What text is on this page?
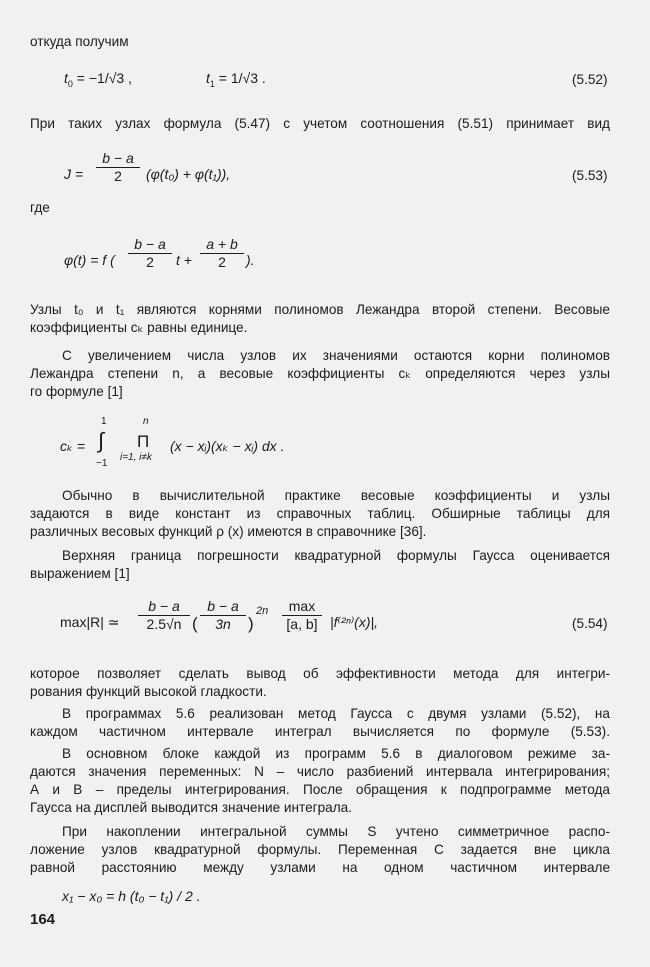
откуда получим
$t_0 = -1/√3$ ,	$t_1 = 1/√3$ .	(5.52)
При таких узлах формула (5.47) с учетом соотношения (5.51) принимает вид
J =
b − a
2	(φ(t₀) + φ(t₁)),	(5.53)
где
φ(t) = f (
b − a
2	t +
a + b
2	).
Узлы t₀ и t₁ являются корнями полиномов Лежандра второй степени. Весовые
коэффициенты cₖ равны единице.
С увеличением числа узлов их значениями остаются корни полиномов
Лежандра степени n, а весовые коэффициенты cₖ определяются через узлы
го формуле [1]
cₖ =
1
∫
−1
n
Π
i=1, i≠k
(x − xᵢ)(xₖ − xᵢ) dx .
Обычно в вычислительной практике весовые коэффициенты и узлы
задаются в виде констант из справочных таблиц. Обширные таблицы для
различных весовых функций ρ (x) имеются в справочнике [36].
Верхняя граница погрешности квадратурной формулы Гаусса оценивается
выражением [1]
max|R| ≃
b − a
2.5√n (
b − a
3n	)
2n	max
[a, b] |f⁽²ⁿ⁾(x)|,	(5.54)
которое позволяет сделать вывод об эффективности метода для интегри-
рования функций высокой гладкости.
В программах 5.6 реализован метод Гаусса с двумя узлами (5.52), на
каждом частичном интервале интеграл вычисляется по формуле (5.53).
В основном блоке каждой из программ 5.6 в диалоговом режиме за-
даются значения переменных: N – число разбиений интервала интегрирования;
А и В – пределы интегрирования. После обращения к подпрограмме метода
Гаусса на дисплей выводится значение интеграла.
При накоплении интегральной суммы S учтено симметричное распо-
ложение узлов квадратурной формулы. Переменная С задается вне цикла
равной расстоянию между узлами на одном частичном интервале
x₁ − x₀ = h (t₀ − t₁) / 2 .
164
